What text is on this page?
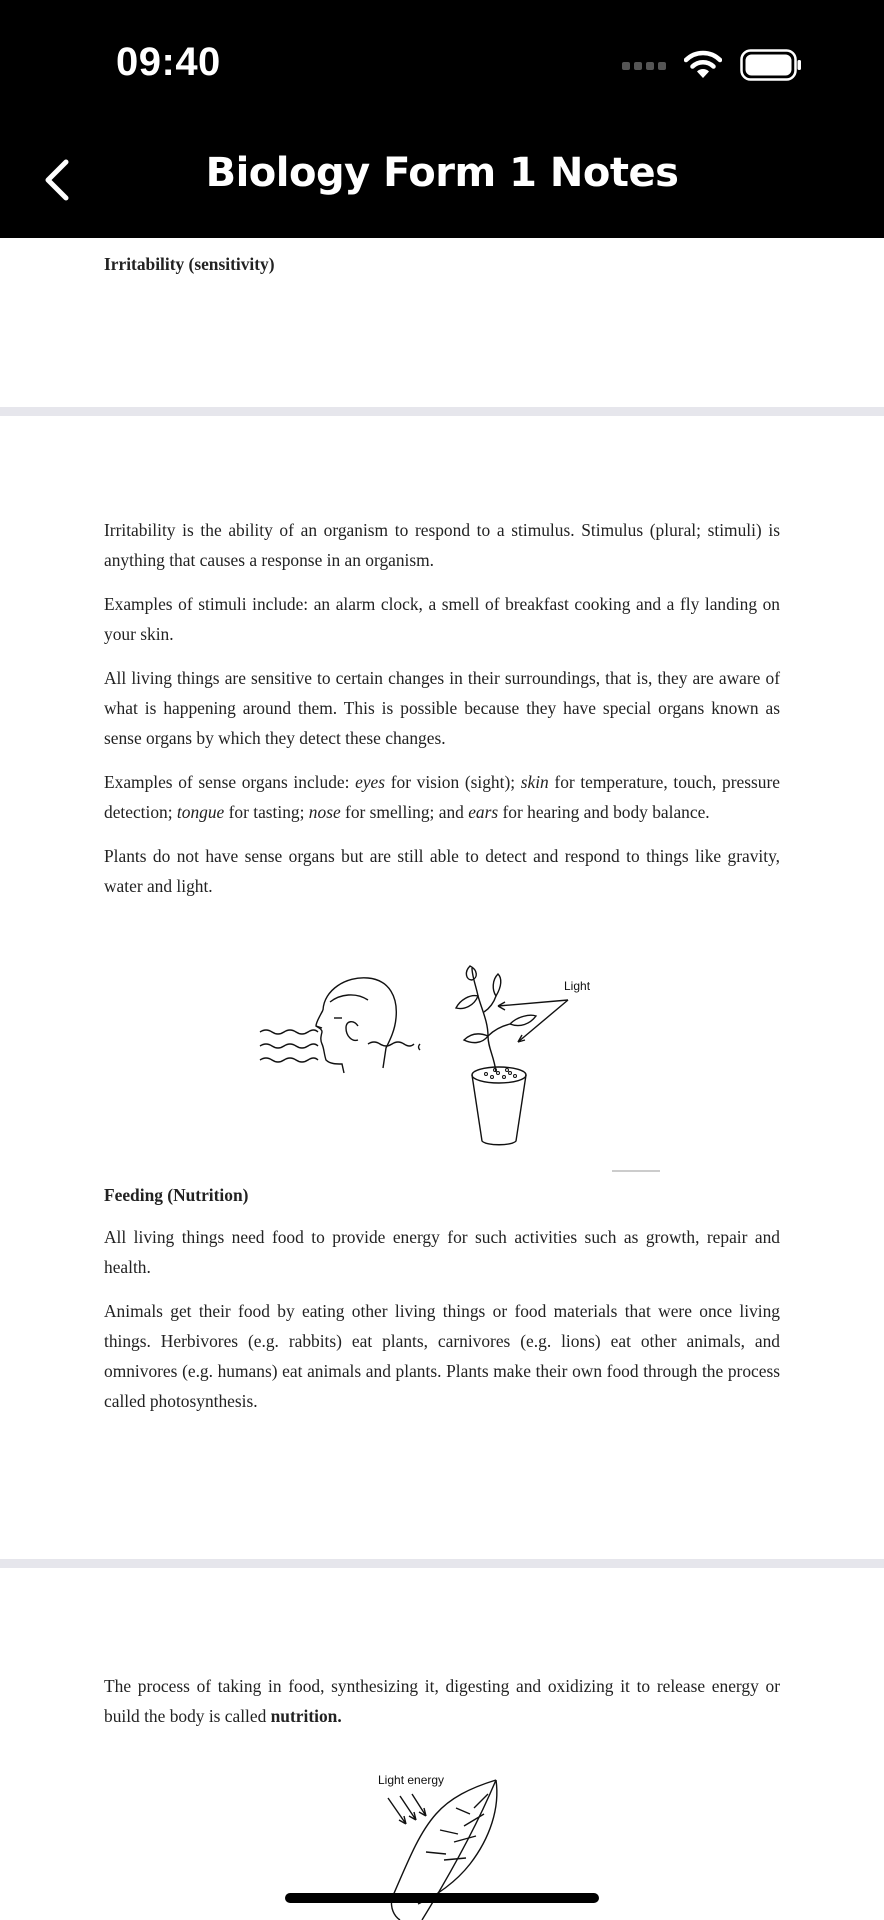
09:40
Biology Form 1 Notes
Irritability (sensitivity)

Irritability is the ability of an organism to respond to a stimulus. Stimulus (plural; stimuli) is anything that causes a response in an organism.

Examples of stimuli include: an alarm clock, a smell of breakfast cooking and a fly landing on your skin.

All living things are sensitive to certain changes in their surroundings, that is, they are aware of what is happening around them. This is possible because they have special organs known as sense organs by which they detect these changes.

Examples of sense organs include: eyes for vision (sight); skin for temperature, touch, pressure detection; tongue for tasting; nose for smelling; and ears for hearing and body balance.

Plants do not have sense organs but are still able to detect and respond to things like gravity, water and light.

Light
Feeding (Nutrition)

All living things need food to provide energy for such activities such as growth, repair and health.

Animals get their food by eating other living things or food materials that were once living things. Herbivores (e.g. rabbits) eat plants, carnivores (e.g. lions) eat other animals, and omnivores (e.g. humans) eat animals and plants. Plants make their own food through the process called photosynthesis.

The process of taking in food, synthesizing it, digesting and oxidizing it to release energy or build the body is called nutrition.

Light energy
